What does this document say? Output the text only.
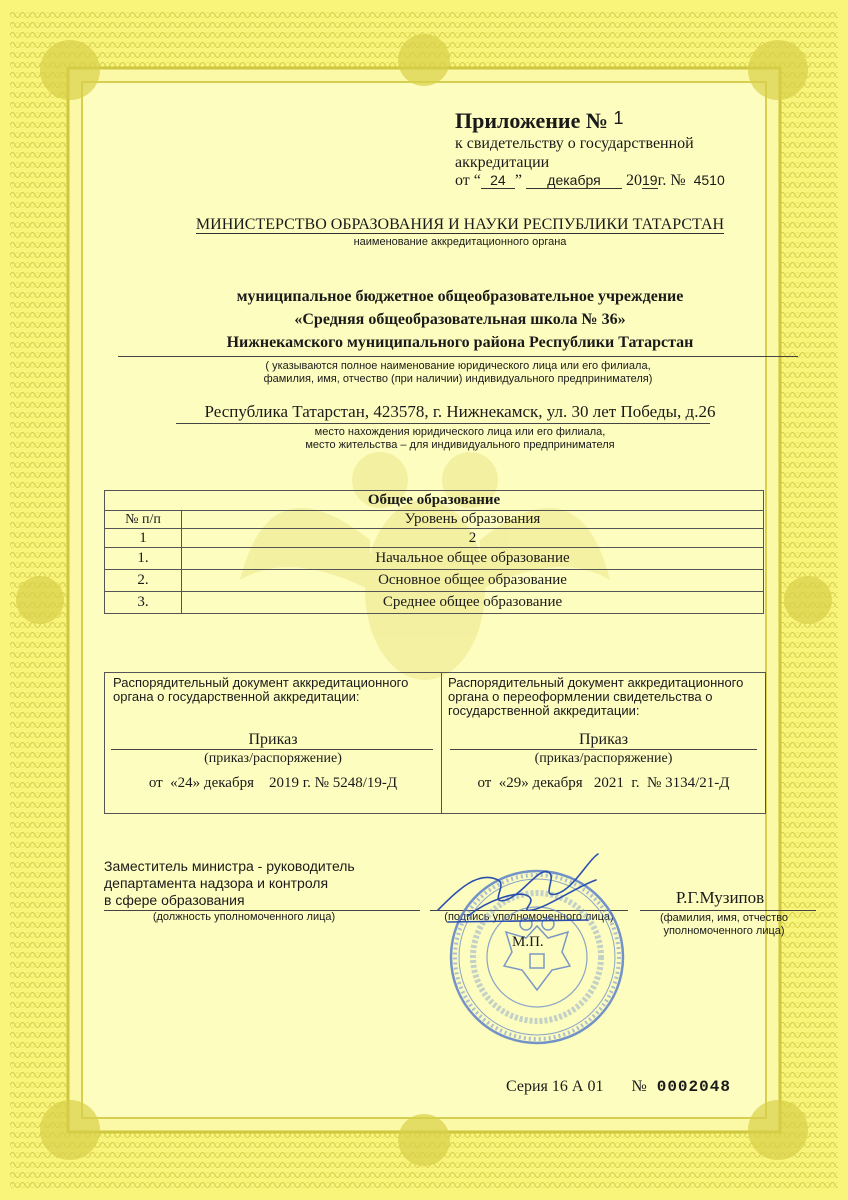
Приложение № 1
к свидетельству о государственной
аккредитации
от “ 24 ” декабря 2019г. № 4510
МИНИСТЕРСТВО ОБРАЗОВАНИЯ И НАУКИ РЕСПУБЛИКИ ТАТАРСТАН
наименование аккредитационного органа
муниципальное бюджетное общеобразовательное учреждение
«Средняя общеобразовательная школа № 36»
Нижнекамского муниципального района Республики Татарстан
( указываются полное наименование юридического лица или его филиала,
фамилия, имя, отчество (при наличии) индивидуального предпринимателя)
Республика Татарстан, 423578, г. Нижнекамск, ул. 30 лет Победы, д.26
место нахождения юридического лица или его филиала,
место жительства – для индивидуального предпринимателя
Общее образование	
№ п/п	Уровень образования
1	2
1.	Начальное общее образование
2.	Основное общее образование
3.	Среднее общее образование
Распорядительный документ аккредитационного
органа о государственной аккредитации:
Приказ
(приказ/распоряжение)
от  «24» декабря    2019 г. № 5248/19-Д
Распорядительный документ аккредитационного
органа о переоформлении свидетельства о
государственной аккредитации:
Приказ
(приказ/распоряжение)
от  «29» декабря   2021  г.  № 3134/21-Д
Заместитель министра - руководитель
департамента надзора и контроля
в сфере образования
(должность уполномоченного лица)	(подпись уполномоченного лица)
Р.Г.Музипов
(фамилия, имя, отчество
уполномоченного лица)
М.П.
Серия 16 А 01 № 0002048
